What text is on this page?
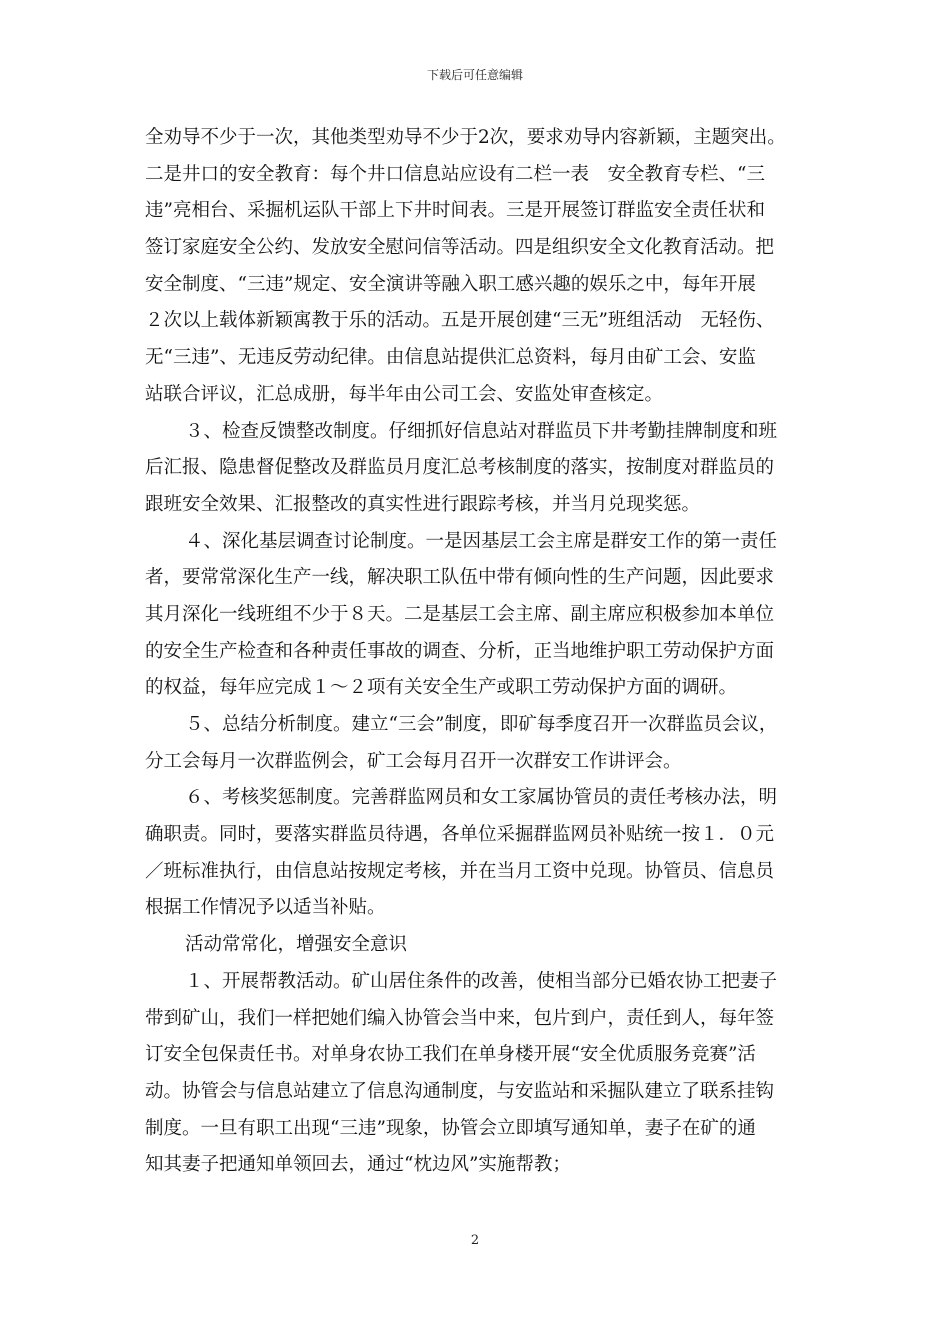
下载后可任意编辑
全劝导不少于一次，其他类型劝导不少于2次，要求劝导内容新颖，主题突出。
二是井口的安全教育：每个井口信息站应设有二栏一表　安全教育专栏、“三
违”亮相台、采掘机运队干部上下井时间表。三是开展签订群监安全责任状和
签订家庭安全公约、发放安全慰问信等活动。四是组织安全文化教育活动。把
安全制度、“三违”规定、安全演讲等融入职工感兴趣的娱乐之中，每年开展
２次以上载体新颖寓教于乐的活动。五是开展创建“三无”班组活动　无轻伤、
无“三违”、无违反劳动纪律。由信息站提供汇总资料，每月由矿工会、安监
站联合评议，汇总成册，每半年由公司工会、安监处审查核定。
３、检查反馈整改制度。仔细抓好信息站对群监员下井考勤挂牌制度和班
后汇报、隐患督促整改及群监员月度汇总考核制度的落实，按制度对群监员的
跟班安全效果、汇报整改的真实性进行跟踪考核，并当月兑现奖惩。
４、深化基层调查讨论制度。一是因基层工会主席是群安工作的第一责任
者，要常常深化生产一线，解决职工队伍中带有倾向性的生产问题，因此要求
其月深化一线班组不少于８天。二是基层工会主席、副主席应积极参加本单位
的安全生产检查和各种责任事故的调查、分析，正当地维护职工劳动保护方面
的权益，每年应完成１～２项有关安全生产或职工劳动保护方面的调研。
５、总结分析制度。建立“三会”制度，即矿每季度召开一次群监员会议，
分工会每月一次群监例会，矿工会每月召开一次群安工作讲评会。
６、考核奖惩制度。完善群监网员和女工家属协管员的责任考核办法，明
确职责。同时，要落实群监员待遇，各单位采掘群监网员补贴统一按１．０元
／班标准执行，由信息站按规定考核，并在当月工资中兑现。协管员、信息员
根据工作情况予以适当补贴。
活动常常化，增强安全意识
１、开展帮教活动。矿山居住条件的改善，使相当部分已婚农协工把妻子
带到矿山，我们一样把她们编入协管会当中来，包片到户，责任到人，每年签
订安全包保责任书。对单身农协工我们在单身楼开展“安全优质服务竞赛”活
动。协管会与信息站建立了信息沟通制度，与安监站和采掘队建立了联系挂钩
制度。一旦有职工出现“三违”现象，协管会立即填写通知单，妻子在矿的通
知其妻子把通知单领回去，通过“枕边风”实施帮教；
2
